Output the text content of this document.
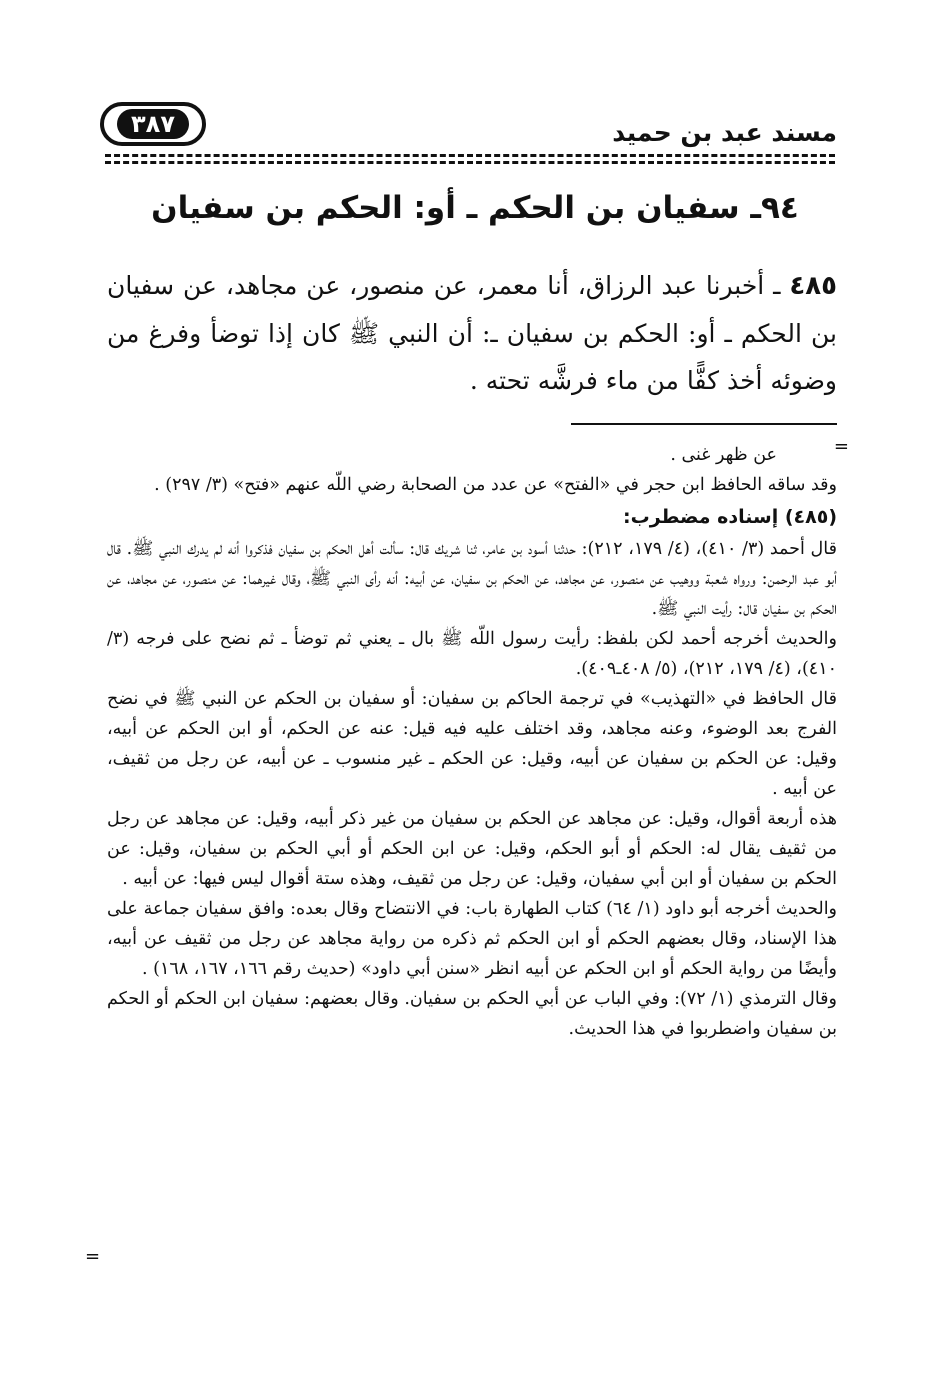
مسند عبد بن حميد
٣٨٧
٩٤ـ سفيان بن الحكم ـ أو: الحكم بن سفيان
٤٨٥ ـ أخبرنا عبد الرزاق، أنا معمر، عن منصور، عن مجاهد، عن سفيان بن الحكم ـ أو: الحكم بن سفيان ـ: أن النبي ﷺ كان إذا توضأ وفرغ من وضوئه أخذ كفًّا من ماء فرشَّه تحته .
=

عن ظهر غنى .

وقد ساقه الحافظ ابن حجر في «الفتح» عن عدد من الصحابة رضي اللّه عنهم «فتح» (٣/ ٢٩٧) .

(٤٨٥) إسناده مضطرب:

قال أحمد (٣/ ٤١٠)، (٤/ ١٧٩، ٢١٢): حدثنا أسود بن عامر، ثنا شريك قال: سألت أهل الحكم بن سفيان فذكروا أنه لم يدرك النبي ﷺ. قال أبو عبد الرحمن: ورواه شعبة ووهيب عن منصور، عن مجاهد، عن الحكم بن سفيان، عن أبيه: أنه رأى النبي ﷺ، وقال غيرهما: عن منصور، عن مجاهد، عن الحكم بن سفيان قال: رأيت النبي ﷺ.

والحديث أخرجه أحمد لكن بلفظ: رأيت رسول اللّه ﷺ بال ـ يعني ثم توضأ ـ ثم نضح على فرجه (٣/ ٤١٠)، (٤/ ١٧٩، ٢١٢)، (٥/ ٤٠٨ـ٤٠٩).

قال الحافظ في «التهذيب» في ترجمة الحاكم بن سفيان: أو سفيان بن الحكم عن النبي ﷺ في نضح الفرج بعد الوضوء، وعنه مجاهد، وقد اختلف عليه فيه قيل: عنه عن الحكم، أو ابن الحكم عن أبيه، وقيل: عن الحكم بن سفيان عن أبيه، وقيل: عن الحكم ـ غير منسوب ـ عن أبيه، عن رجل من ثقيف، عن أبيه .

هذه أربعة أقوال، وقيل: عن مجاهد عن الحكم بن سفيان من غير ذكر أبيه، وقيل: عن مجاهد عن رجل من ثقيف يقال له: الحكم أو أبو الحكم، وقيل: عن ابن الحكم أو أبي الحكم بن سفيان، وقيل: عن الحكم بن سفيان أو ابن أبي سفيان، وقيل: عن رجل من ثقيف، وهذه ستة أقوال ليس فيها: عن أبيه .

والحديث أخرجه أبو داود (١/ ٦٤) كتاب الطهارة باب: في الانتضاح وقال بعده: وافق سفيان جماعة على هذا الإسناد، وقال بعضهم الحكم أو ابن الحكم ثم ذكره من رواية مجاهد عن رجل من ثقيف عن أبيه، وأيضًا من رواية الحكم أو ابن الحكم عن أبيه انظر «سنن أبي داود» (حديث رقم ١٦٦، ١٦٧، ١٦٨) .

وقال الترمذي (١/ ٧٢): وفي الباب عن أبي الحكم بن سفيان. وقال بعضهم: سفيان ابن الحكم أو الحكم بن سفيان واضطربوا في هذا الحديث.

=
